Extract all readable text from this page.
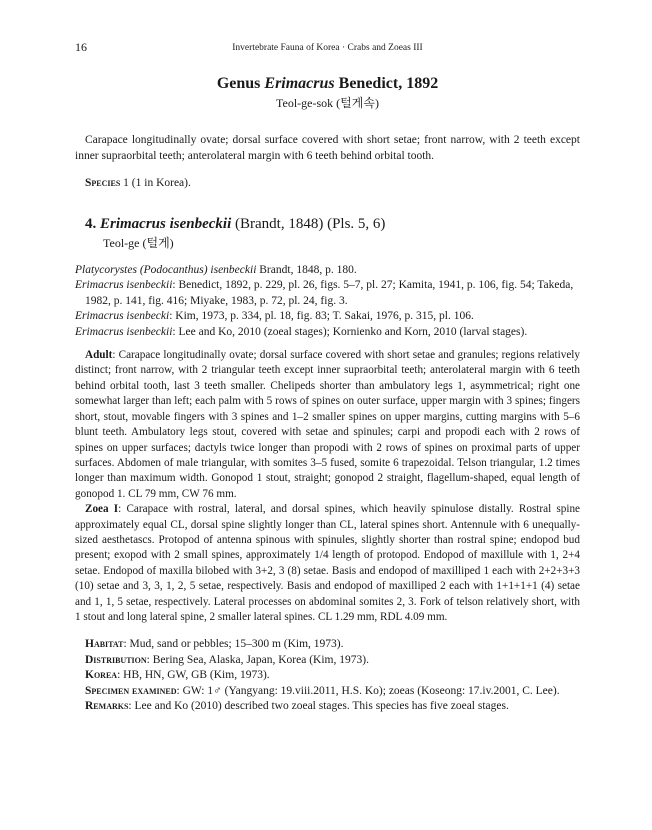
16	Invertebrate Fauna of Korea · Crabs and Zoeas III
Genus Erimacrus Benedict, 1892
Teol-ge-sok (털게속)

Carapace longitudinally ovate; dorsal surface covered with short setae; front narrow, with 2 teeth except inner supraorbital teeth; anterolateral margin with 6 teeth behind orbital tooth.

Species 1 (1 in Korea).

4. Erimacrus isenbeckii (Brandt, 1848) (Pls. 5, 6)
Teol-ge (털게)

Platycorystes (Podocanthus) isenbeckii Brandt, 1848, p. 180.

Erimacrus isenbeckii: Benedict, 1892, p. 229, pl. 26, figs. 5–7, pl. 27; Kamita, 1941, p. 106, fig. 54; Takeda, 1982, p. 141, fig. 416; Miyake, 1983, p. 72, pl. 24, fig. 3.

Erimacrus isenbecki: Kim, 1973, p. 334, pl. 18, fig. 83; T. Sakai, 1976, p. 315, pl. 106.

Erimacrus isenbeckii: Lee and Ko, 2010 (zoeal stages); Kornienko and Korn, 2010 (larval stages).

Adult: Carapace longitudinally ovate; dorsal surface covered with short setae and granules; regions relatively distinct; front narrow, with 2 triangular teeth except inner supraorbital teeth; anterolateral margin with 6 teeth behind orbital tooth, last 3 teeth smaller. Chelipeds shorter than ambulatory legs 1, asymmetrical; right one somewhat larger than left; each palm with 5 rows of spines on outer surface, upper margin with 3 spines; fingers short, stout, movable fingers with 3 spines and 1–2 smaller spines on upper margins, cutting margins with 5–6 blunt teeth. Ambulatory legs stout, covered with setae and spinules; carpi and propodi each with 2 rows of spines on upper surfaces; dactyls twice longer than propodi with 2 rows of spines on proximal parts of upper surfaces. Abdomen of male triangular, with somites 3–5 fused, somite 6 trapezoidal. Telson triangular, 1.2 times longer than maximum width. Gonopod 1 stout, straight; gonopod 2 straight, flagellum-shaped, equal length of gonopod 1. CL 79 mm, CW 76 mm.

Zoea I: Carapace with rostral, lateral, and dorsal spines, which heavily spinulose distally. Rostral spine approximately equal CL, dorsal spine slightly longer than CL, lateral spines short. Antennule with 6 unequally-sized aesthetascs. Protopod of antenna spinous with spinules, slightly shorter than rostral spine; endopod bud present; exopod with 2 small spines, approximately 1/4 length of protopod. Endopod of maxillule with 1, 2+4 setae. Endopod of maxilla bilobed with 3+2, 3 (8) setae. Basis and endopod of maxilliped 1 each with 2+2+3+3 (10) setae and 3, 3, 1, 2, 5 setae, respectively. Basis and endopod of maxilliped 2 each with 1+1+1+1 (4) setae and 1, 1, 5 setae, respectively. Lateral processes on abdominal somites 2, 3. Fork of telson relatively short, with 1 stout and long lateral spine, 2 smaller lateral spines. CL 1.29 mm, RDL 4.09 mm.

Habitat: Mud, sand or pebbles; 15–300 m (Kim, 1973).

Distribution: Bering Sea, Alaska, Japan, Korea (Kim, 1973).

Korea: HB, HN, GW, GB (Kim, 1973).

Specimen examined: GW: 1♂ (Yangyang: 19.viii.2011, H.S. Ko); zoeas (Koseong: 17.iv.2001, C. Lee).

Remarks: Lee and Ko (2010) described two zoeal stages. This species has five zoeal stages.
